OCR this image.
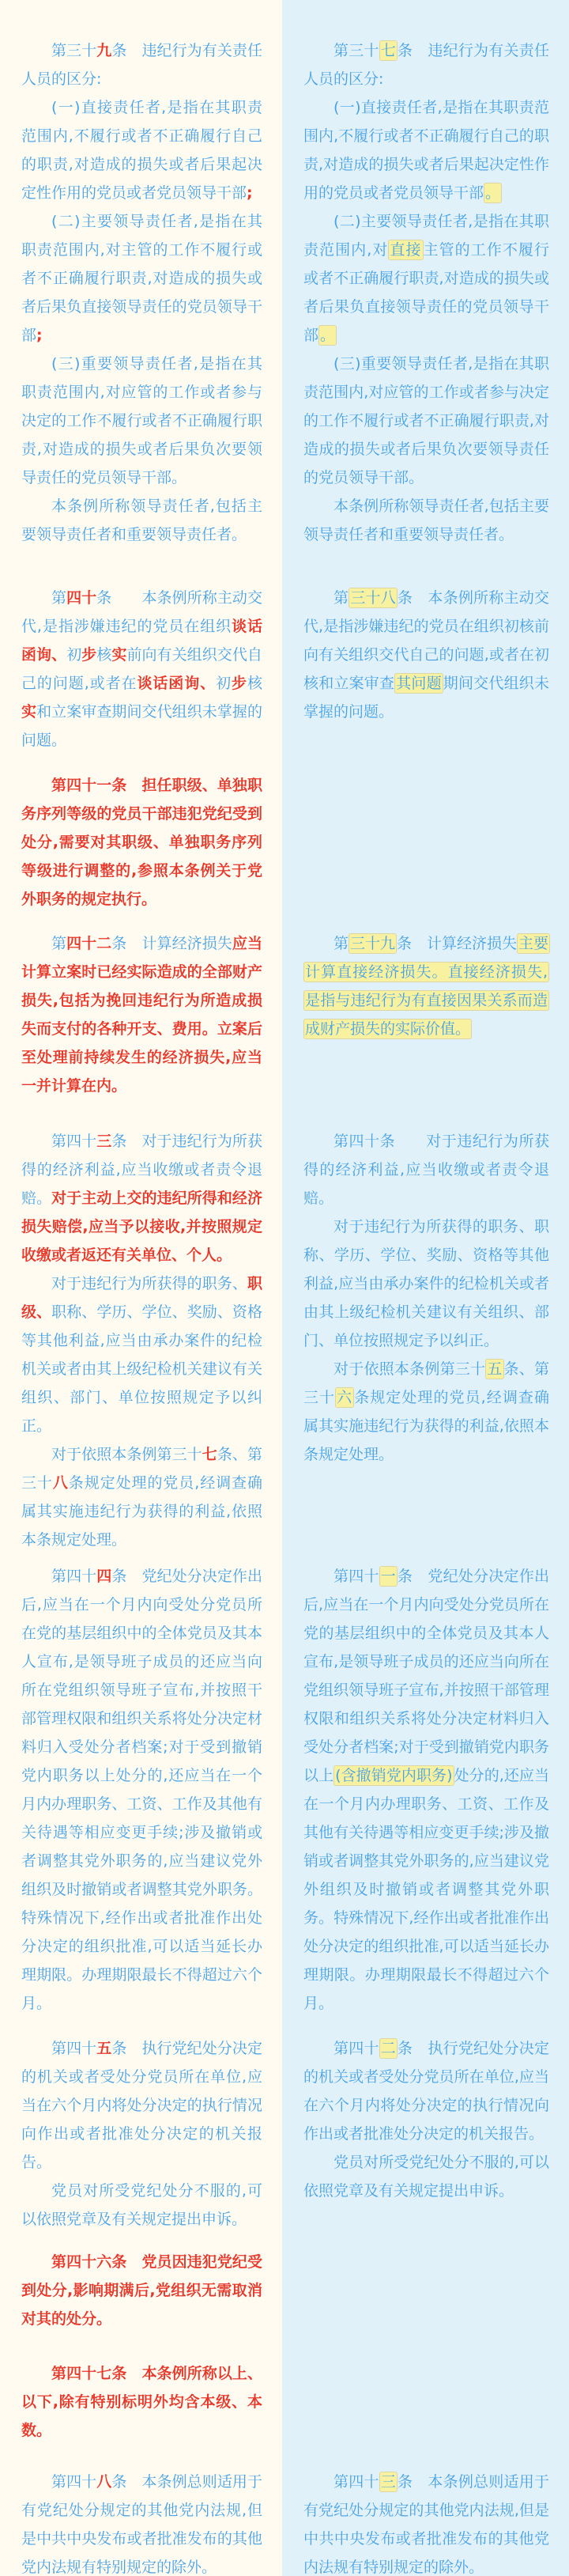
第三十九条　违纪行为有关责任人员的区分:

(一)直接责任者,是指在其职责范围内,不履行或者不正确履行自己的职责,对造成的损失或者后果起决定性作用的党员或者党员领导干部;

(二)主要领导责任者,是指在其职责范围内,对主管的工作不履行或者不正确履行职责,对造成的损失或者后果负直接领导责任的党员领导干部;

(三)重要领导责任者,是指在其职责范围内,对应管的工作或者参与决定的工作不履行或者不正确履行职责,对造成的损失或者后果负次要领导责任的党员领导干部。

本条例所称领导责任者,包括主要领导责任者和重要领导责任者。

第四十条　　本条例所称主动交代,是指涉嫌违纪的党员在组织谈话函询、初步核实前向有关组织交代自己的问题,或者在谈话函询、初步核实和立案审查期间交代组织未掌握的问题。

第四十一条　担任职级、单独职务序列等级的党员干部违犯党纪受到处分,需要对其职级、单独职务序列等级进行调整的,参照本条例关于党外职务的规定执行。

第四十二条　计算经济损失应当计算立案时已经实际造成的全部财产损失,包括为挽回违纪行为所造成损失而支付的各种开支、费用。立案后至处理前持续发生的经济损失,应当一并计算在内。

第四十三条　对于违纪行为所获得的经济利益,应当收缴或者责令退赔。对于主动上交的违纪所得和经济损失赔偿,应当予以接收,并按照规定收缴或者返还有关单位、个人。

对于违纪行为所获得的职务、职级、职称、学历、学位、奖励、资格等其他利益,应当由承办案件的纪检机关或者由其上级纪检机关建议有关组织、部门、单位按照规定予以纠正。

对于依照本条例第三十七条、第三十八条规定处理的党员,经调查确属其实施违纪行为获得的利益,依照本条规定处理。

第四十四条　党纪处分决定作出后,应当在一个月内向受处分党员所在党的基层组织中的全体党员及其本人宣布,是领导班子成员的还应当向所在党组织领导班子宣布,并按照干部管理权限和组织关系将处分决定材料归入受处分者档案;对于受到撤销党内职务以上处分的,还应当在一个月内办理职务、工资、工作及其他有关待遇等相应变更手续;涉及撤销或者调整其党外职务的,应当建议党外组织及时撤销或者调整其党外职务。特殊情况下,经作出或者批准作出处分决定的组织批准,可以适当延长办理期限。办理期限最长不得超过六个月。

第四十五条　执行党纪处分决定的机关或者受处分党员所在单位,应当在六个月内将处分决定的执行情况向作出或者批准处分决定的机关报告。

党员对所受党纪处分不服的,可以依照党章及有关规定提出申诉。

第四十六条　党员因违犯党纪受到处分,影响期满后,党组织无需取消对其的处分。

第四十七条　本条例所称以上、以下,除有特别标明外均含本级、本数。

第四十八条　本条例总则适用于有党纪处分规定的其他党内法规,但是中共中央发布或者批准发布的其他党内法规有特别规定的除外。

第三十 七 条　违纪行为有关责任人员的区分:

(一)直接责任者,是指在其职责范围内,不履行或者不正确履行自己的职责,对造成的损失或者后果起决定性作用的党员或者党员领导干部 。

(二)主要领导责任者,是指在其职责范围内,对 直接 主管的工作不履行或者不正确履行职责,对造成的损失或者后果负直接领导责任的党员领导干部 。

(三)重要领导责任者,是指在其职责范围内,对应管的工作或者参与决定的工作不履行或者不正确履行职责,对造成的损失或者后果负次要领导责任的党员领导干部。

本条例所称领导责任者,包括主要领导责任者和重要领导责任者。

第 三十八 条　本条例所称主动交代,是指涉嫌违纪的党员在组织初核前向有关组织交代自己的问题,或者在初核和立案审查 其问题 期间交代组织未掌握的问题。

第 三十九 条　计算经济损失 主要计算直接经济损失。直接经济损失,是指与违纪行为有直接因果关系而造成财产损失的实际价值。

第四十条　　对于违纪行为所获得的经济利益,应当收缴或者责令退赔。

对于违纪行为所获得的职务、职称、学历、学位、奖励、资格等其他利益,应当由承办案件的纪检机关或者由其上级纪检机关建议有关组织、部门、单位按照规定予以纠正。

对于依照本条例第三十 五 条、第三十 六 条规定处理的党员,经调查确属其实施违纪行为获得的利益,依照本条规定处理。

第四十 一 条　党纪处分决定作出后,应当在一个月内向受处分党员所在党的基层组织中的全体党员及其本人宣布,是领导班子成员的还应当向所在党组织领导班子宣布,并按照干部管理权限和组织关系将处分决定材料归入受处分者档案;对于受到撤销党内职务以上 (含撤销党内职务) 处分的,还应当在一个月内办理职务、工资、工作及其他有关待遇等相应变更手续;涉及撤销或者调整其党外职务的,应当建议党外组织及时撤销或者调整其党外职务。特殊情况下,经作出或者批准作出处分决定的组织批准,可以适当延长办理期限。办理期限最长不得超过六个月。

第四十 二 条　执行党纪处分决定的机关或者受处分党员所在单位,应当在六个月内将处分决定的执行情况向作出或者批准处分决定的机关报告。

党员对所受党纪处分不服的,可以依照党章及有关规定提出申诉。

第四十 三 条　本条例总则适用于有党纪处分规定的其他党内法规,但是中共中央发布或者批准发布的其他党内法规有特别规定的除外。
